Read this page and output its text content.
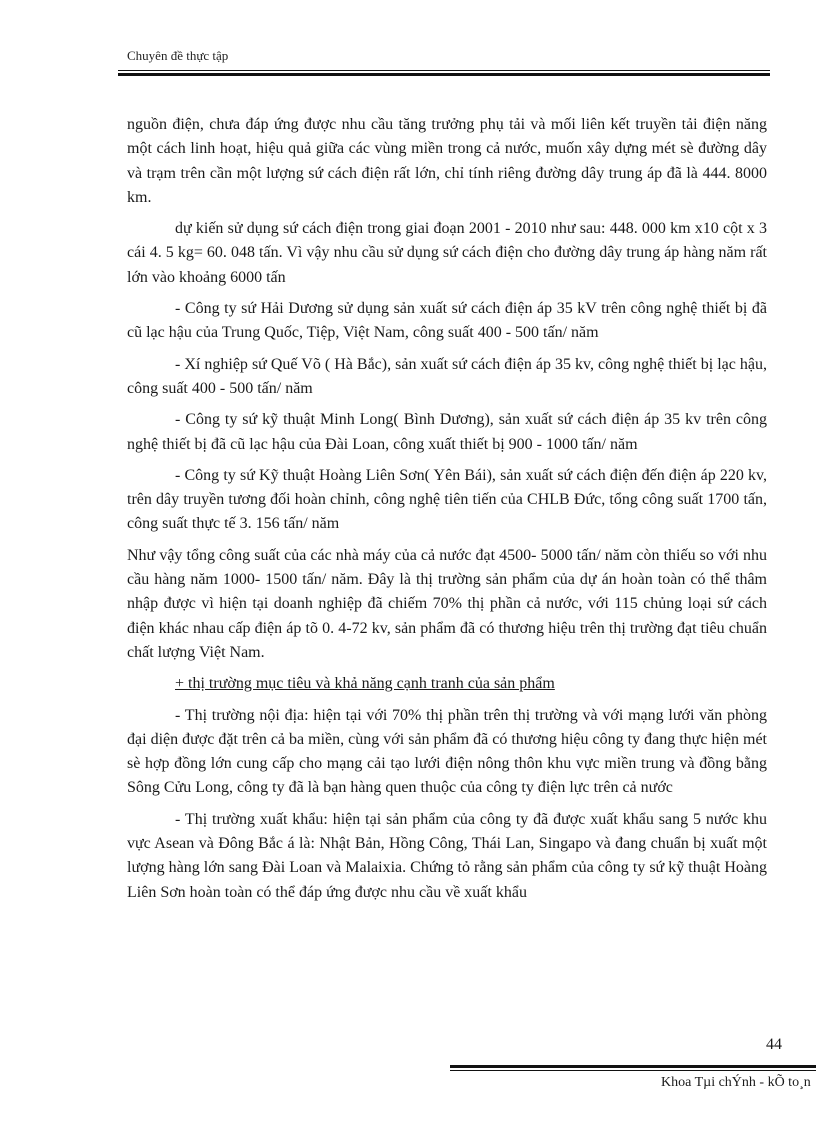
Chuyên đề thực tập

nguồn điện, chưa đáp ứng được nhu cầu tăng trưởng phụ tải và mối liên kết truyền tải điện năng một cách linh hoạt, hiệu quả giữa các vùng miền trong cả nước, muốn xây dựng mét sè đường dây và trạm trên cần một lượng sứ cách điện rất lớn, chỉ tính riêng đường dây trung áp đã là 444. 8000 km.

dự kiến sử dụng sứ cách điện trong giai đoạn 2001 - 2010 như sau: 448. 000 km x10 cột x 3 cái 4. 5 kg= 60. 048 tấn. Vì vậy nhu cầu sử dụng sứ cách điện cho đường dây trung áp hàng năm rất lớn vào khoảng 6000 tấn

- Công ty sứ Hải Dương sử dụng sản xuất sứ cách điện áp 35 kV trên công nghệ thiết bị đã cũ lạc hậu của Trung Quốc, Tiệp, Việt Nam, công suất 400 - 500 tấn/ năm

- Xí nghiệp sứ Quế Võ ( Hà Bắc), sản xuất sứ cách điện áp 35 kv, công nghệ thiết bị lạc hậu, công suất 400 - 500 tấn/ năm

- Công ty sứ kỹ thuật Minh Long( Bình Dương), sản xuất sứ cách điện áp 35 kv trên công nghệ thiết bị đã cũ lạc hậu của Đài Loan, công xuất thiết bị 900 - 1000 tấn/ năm

- Công ty sứ Kỹ thuật Hoàng Liên Sơn( Yên Bái), sản xuất sứ cách điện đến điện áp 220 kv, trên dây truyền tương đối hoàn chỉnh, công nghệ tiên tiến của CHLB Đức, tổng công suất 1700 tấn, công suất thực tế 3. 156 tấn/ năm

Như vậy tổng công suất của các nhà máy của cả nước đạt 4500- 5000 tấn/ năm còn thiếu so với nhu cầu hàng năm 1000- 1500 tấn/ năm. Đây là thị trường sản phẩm của dự án hoàn toàn có thể thâm nhập được vì hiện tại doanh nghiệp đã chiếm 70% thị phần cả nước, với 115 chủng loại sứ cách điện khác nhau cấp điện áp tõ 0. 4-72 kv, sản phẩm đã có thương hiệu trên thị trường đạt tiêu chuẩn chất lượng Việt Nam.

+ thị trường mục tiêu và khả năng cạnh tranh của sản phẩm

- Thị trường nội địa: hiện tại với 70% thị phần trên thị trường và với mạng lưới văn phòng đại diện được đặt trên cả ba miền, cùng với sản phẩm đã có thương hiệu công ty đang thực hiện mét sè hợp đồng lớn cung cấp cho mạng cải tạo lưới điện nông thôn khu vực miền trung và đồng bằng Sông Cửu Long, công ty đã là bạn hàng quen thuộc của công ty điện lực trên cả nước

- Thị trường xuất khẩu: hiện tại sản phẩm của công ty đã được xuất khẩu sang 5 nước khu vực Asean và Đông Bắc á là: Nhật Bản, Hồng Công, Thái Lan, Singapo và đang chuẩn bị xuất một lượng hàng lớn sang Đài Loan và Malaixia. Chứng tỏ rằng sản phẩm của công ty sứ kỹ thuật Hoàng Liên Sơn hoàn toàn có thể đáp ứng được nhu cầu về xuất khẩu

44
Khoa Tµi chÝnh - kÕ to¸n
